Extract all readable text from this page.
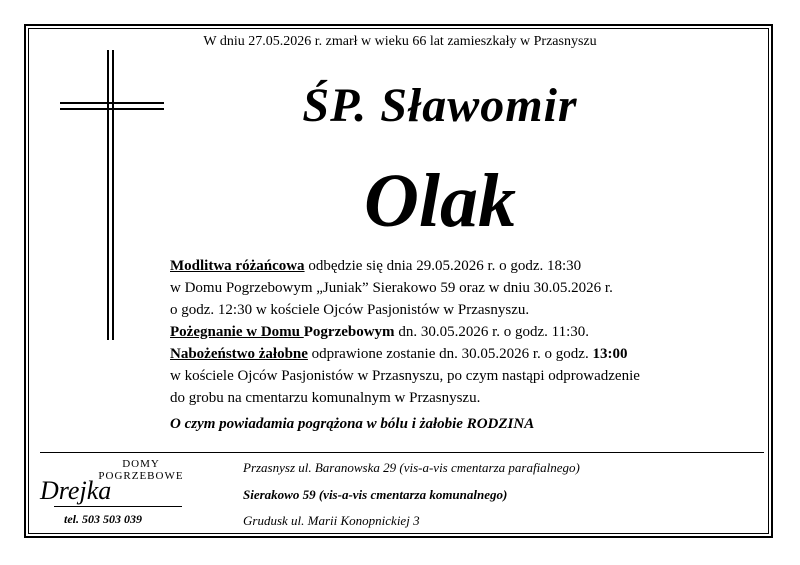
W dniu 27.05.2026 r. zmarł w wieku 66 lat zamieszkały w Przasnyszu
ŚP. Sławomir
Olak

Modlitwa różańcowa odbędzie się dnia 29.05.2026 r. o godz. 18:30

w Domu Pogrzebowym „Juniak” Sierakowo 59 oraz w dniu 30.05.2026 r.

o godz. 12:30 w kościele Ojców Pasjonistów w Przasnyszu.

Pożegnanie w Domu Pogrzebowym dn. 30.05.2026 r. o godz. 11:30.

Nabożeństwo żałobne odprawione zostanie dn. 30.05.2026 r. o godz. 13:00

w kościele Ojców Pasjonistów w Przasnyszu, po czym nastąpi odprowadzenie

do grobu na cmentarzu komunalnym w Przasnyszu.

O czym powiadamia pogrążona w bólu i żałobie RODZINA
DOMY
POGRZEBOWE
Drejka
tel. 503 503 039
Przasnysz ul. Baranowska 29 (vis-a-vis cmentarza parafialnego)
Sierakowo 59 (vis-a-vis cmentarza komunalnego)
Grudusk ul. Marii Konopnickiej 3
